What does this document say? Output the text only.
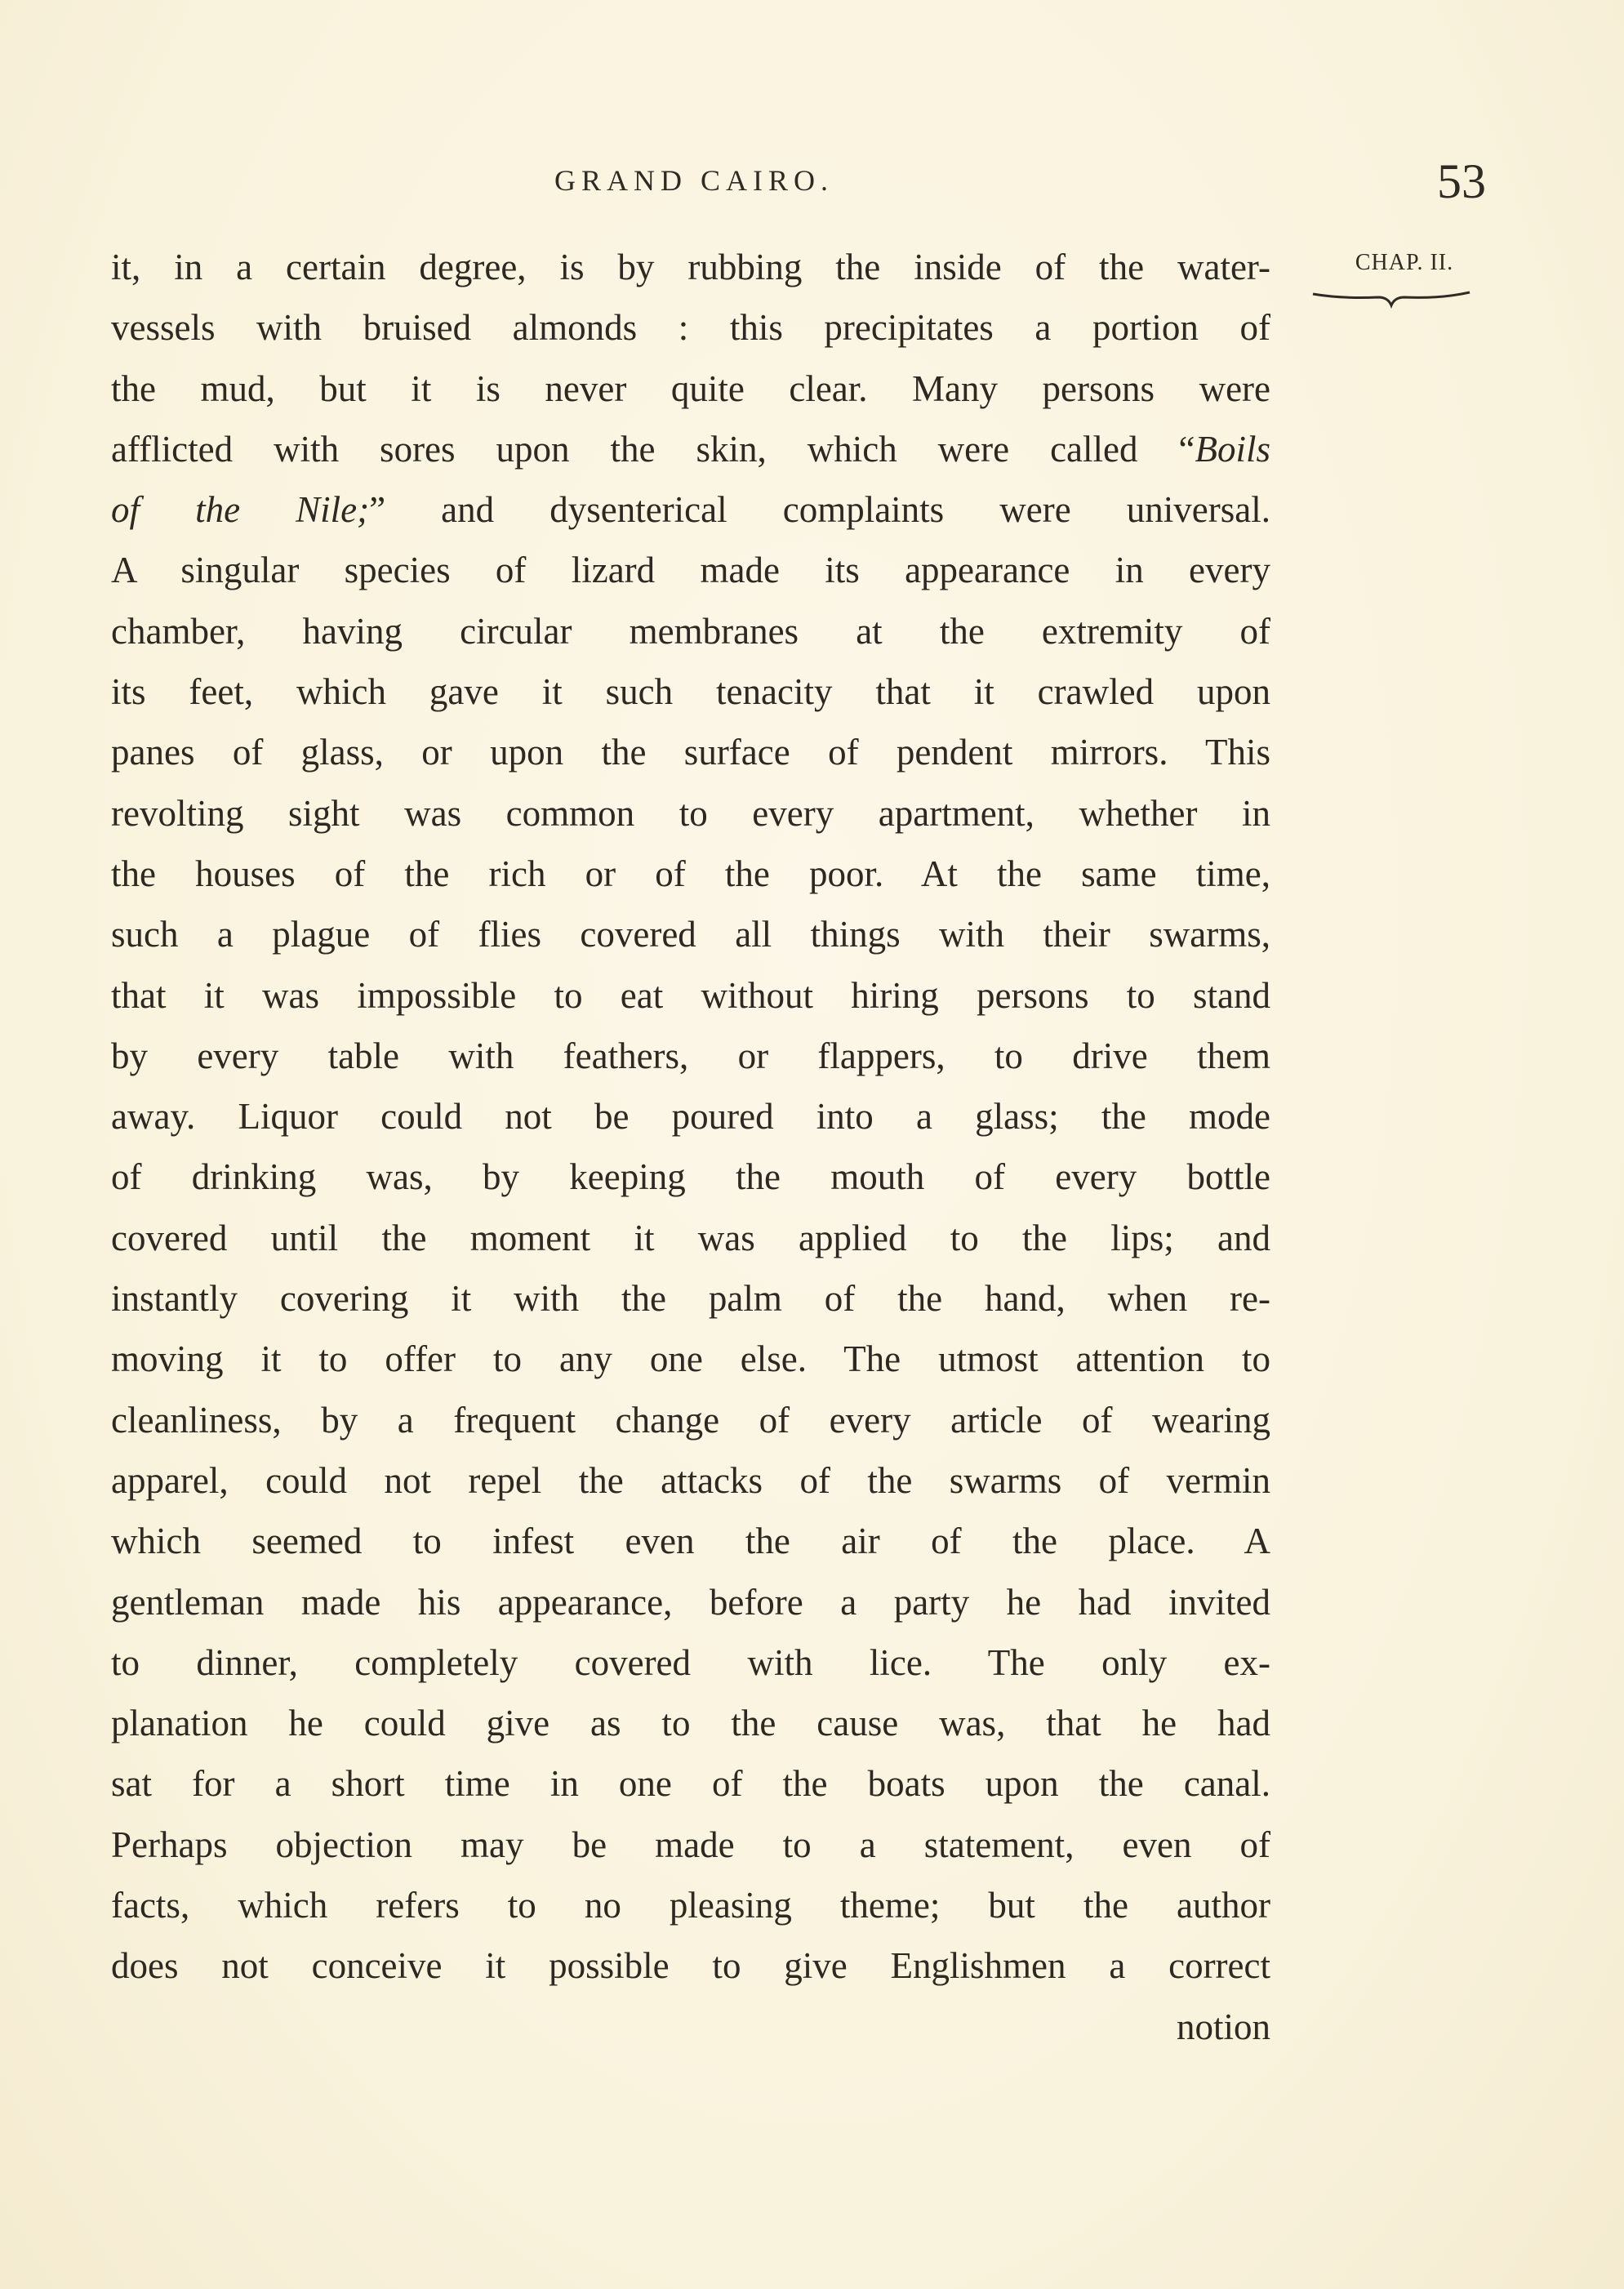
GRAND CAIRO.	53
CHAP. II.
it, in a certain degree, is by rubbing the inside of the water-
vessels with bruised almonds : this precipitates a portion of
the mud, but it is never quite clear. Many persons were
afflicted with sores upon the skin, which were called “Boils
of the Nile;” and dysenterical complaints were universal.
A singular species of lizard made its appearance in every
chamber, having circular membranes at the extremity of
its feet, which gave it such tenacity that it crawled upon
panes of glass, or upon the surface of pendent mirrors. This
revolting sight was common to every apartment, whether in
the houses of the rich or of the poor. At the same time,
such a plague of flies covered all things with their swarms,
that it was impossible to eat without hiring persons to stand
by every table with feathers, or flappers, to drive them
away. Liquor could not be poured into a glass; the mode
of drinking was, by keeping the mouth of every bottle
covered until the moment it was applied to the lips; and
instantly covering it with the palm of the hand, when re-
moving it to offer to any one else. The utmost attention to
cleanliness, by a frequent change of every article of wearing
apparel, could not repel the attacks of the swarms of vermin
which seemed to infest even the air of the place. A
gentleman made his appearance, before a party he had invited
to dinner, completely covered with lice. The only ex-
planation he could give as to the cause was, that he had
sat for a short time in one of the boats upon the canal.
Perhaps objection may be made to a statement, even of
facts, which refers to no pleasing theme; but the author
does not conceive it possible to give Englishmen a correct
notion
